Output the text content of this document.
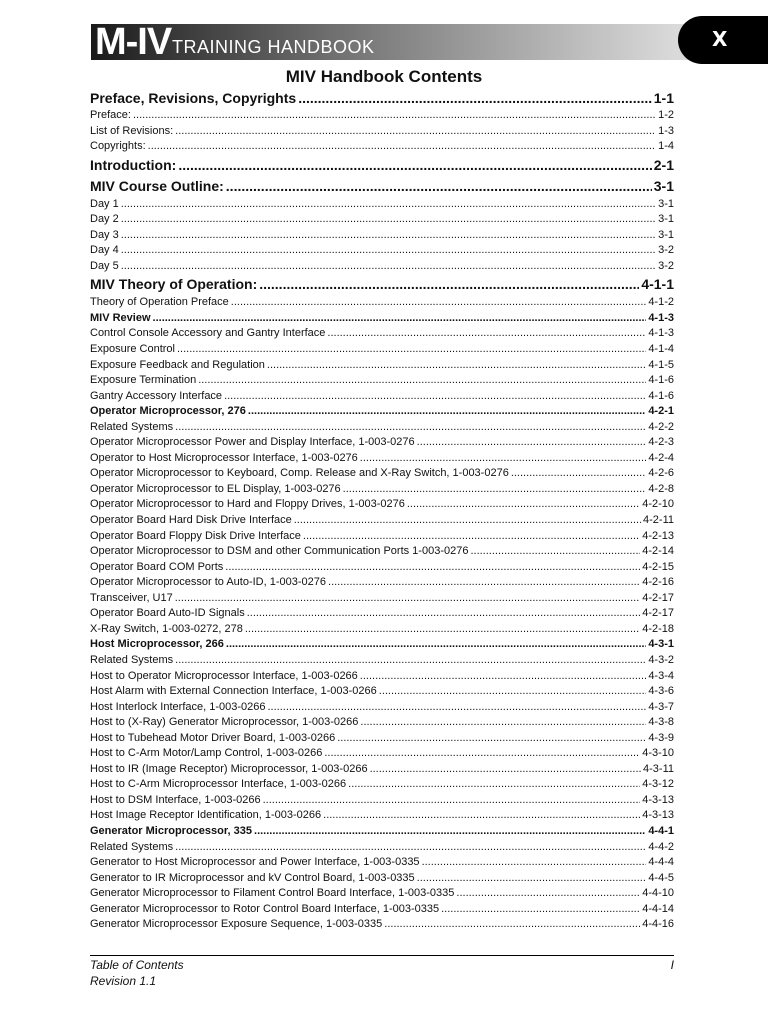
M-IV TRAINING HANDBOOK	X
MIV Handbook Contents
Preface, Revisions, Copyrights .....	1-1
Preface: .....	1-2
List of Revisions: .....	1-3
Copyrights: .....	1-4
Introduction: .....	2-1
MIV Course Outline: .....	3-1
Day 1 .....	3-1
Day 2 .....	3-1
Day 3 .....	3-1
Day 4 .....	3-2
Day 5 .....	3-2
MIV Theory of Operation: .....	4-1-1
Theory of Operation Preface .....	4-1-2
MIV Review .....	4-1-3
Control Console Accessory and Gantry Interface .....	4-1-3
Exposure Control .....	4-1-4
Exposure Feedback and Regulation .....	4-1-5
Exposure Termination .....	4-1-6
Gantry Accessory Interface .....	4-1-6
Operator Microprocessor, 276 .....	4-2-1
Related Systems .....	4-2-2
Operator Microprocessor Power and Display Interface, 1-003-0276 .....	4-2-3
Operator to Host Microprocessor Interface, 1-003-0276 .....	4-2-4
Operator Microprocessor to Keyboard, Comp. Release and X-Ray Switch, 1-003-0276 .....	4-2-6
Operator Microprocessor to EL Display, 1-003-0276 .....	4-2-8
Operator Microprocessor to Hard and Floppy Drives, 1-003-0276 .....	4-2-10
Operator Board Hard Disk Drive Interface .....	4-2-11
Operator Board Floppy Disk Drive Interface .....	4-2-13
Operator Microprocessor to DSM and other Communication Ports 1-003-0276 .....	4-2-14
Operator Board COM Ports .....	4-2-15
Operator Microprocessor to Auto-ID, 1-003-0276 .....	4-2-16
Transceiver, U17 .....	4-2-17
Operator Board Auto-ID Signals .....	4-2-17
X-Ray Switch, 1-003-0272, 278 .....	4-2-18
Host Microprocessor, 266 .....	4-3-1
Related Systems .....	4-3-2
Host to Operator Microprocessor Interface, 1-003-0266 .....	4-3-4
Host Alarm with External Connection Interface, 1-003-0266 .....	4-3-6
Host Interlock Interface, 1-003-0266 .....	4-3-7
Host to (X-Ray) Generator Microprocessor, 1-003-0266 .....	4-3-8
Host to Tubehead Motor Driver Board, 1-003-0266 .....	4-3-9
Host to C-Arm Motor/Lamp Control, 1-003-0266 .....	4-3-10
Host to IR (Image Receptor) Microprocessor, 1-003-0266 .....	4-3-11
Host to C-Arm Microprocessor Interface, 1-003-0266 .....	4-3-12
Host to DSM Interface, 1-003-0266 .....	4-3-13
Host Image Receptor Identification, 1-003-0266 .....	4-3-13
Generator Microprocessor, 335 .....	4-4-1
Related Systems .....	4-4-2
Generator to Host Microprocessor and Power Interface, 1-003-0335 .....	4-4-4
Generator to IR Microprocessor and kV Control Board, 1-003-0335 .....	4-4-5
Generator Microprocessor to Filament Control Board Interface, 1-003-0335 .....	4-4-10
Generator Microprocessor to Rotor Control Board Interface, 1-003-0335 .....	4-4-14
Generator Microprocessor Exposure Sequence, 1-003-0335 .....	4-4-16
Table of Contents	I
Revision 1.1
